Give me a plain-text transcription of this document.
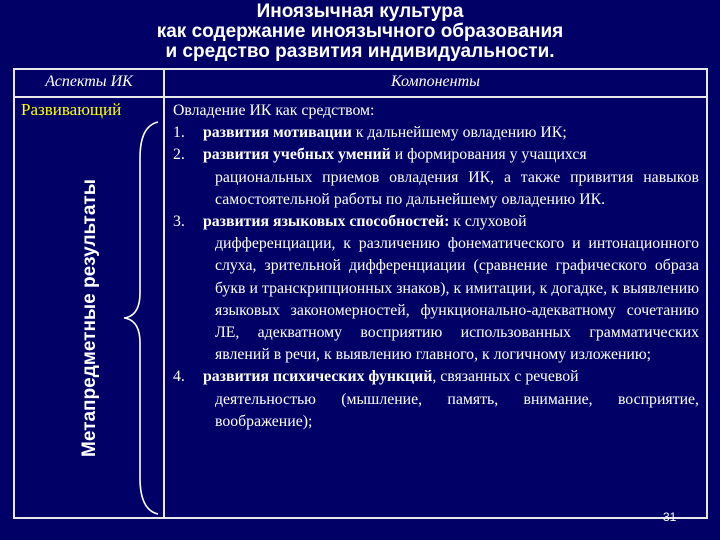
Иноязычная культура
как содержание иноязычного образования
и средство развития индивидуальности.
Аспекты ИК	Компоненты
Развивающий
Метапредметные результаты
Овладение ИК как средством:
1. развития мотивации к дальнейшему овладению ИК;
2. развития учебных умений и формирования у учащихся
рациональных приемов овладения ИК, а также привития навыков самостоятельной работы по дальнейшему овладению ИК.
3. развития языковых способностей: к слуховой
дифференциации, к различению фонематического и интонационного слуха, зрительной дифференциации (сравнение графического образа букв и транскрипционных знаков), к имитации, к догадке, к выявлению языковых закономерностей, функционально-адекватному сочетанию ЛЕ, адекватному восприятию использованных грамматических явлений в речи, к выявлению главного, к логичному изложению;
4. развития психических функций, связанных с речевой
деятельностью (мышление, память, внимание, восприятие, воображение);
31
